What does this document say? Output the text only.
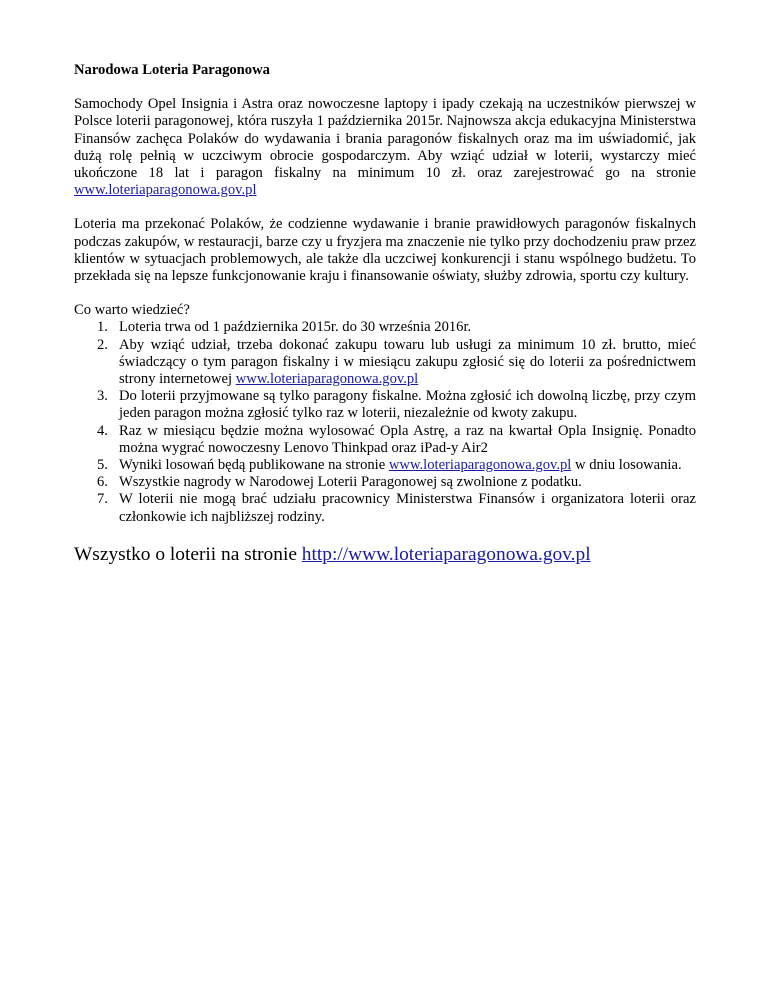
Narodowa Loteria Paragonowa

Samochody Opel Insignia i Astra oraz nowoczesne laptopy i ipady czekają na uczestników pierwszej w Polsce loterii paragonowej, która ruszyła 1 października 2015r. Najnowsza akcja edukacyjna Ministerstwa Finansów zachęca Polaków do wydawania i brania paragonów fiskalnych oraz ma im uświadomić, jak dużą rolę pełnią w uczciwym obrocie gospodarczym. Aby wziąć udział w loterii, wystarczy mieć ukończone 18 lat i paragon fiskalny na minimum 10 zł. oraz zarejestrować go na stronie www.loteriaparagonowa.gov.pl

Loteria ma przekonać Polaków, że codzienne wydawanie i branie prawidłowych paragonów fiskalnych podczas zakupów, w restauracji, barze czy u fryzjera ma znaczenie nie tylko przy dochodzeniu praw przez klientów w sytuacjach problemowych, ale także dla uczciwej konkurencji i stanu wspólnego budżetu. To przekłada się na lepsze funkcjonowanie kraju i finansowanie oświaty, służby zdrowia, sportu czy kultury.

Co warto wiedzieć?

1. Loteria trwa od 1 października 2015r. do 30 września 2016r.
2. Aby wziąć udział, trzeba dokonać zakupu towaru lub usługi za minimum 10 zł. brutto, mieć świadczący o tym paragon fiskalny i w miesiącu zakupu zgłosić się do loterii za pośrednictwem strony internetowej www.loteriaparagonowa.gov.pl
3. Do loterii przyjmowane są tylko paragony fiskalne. Można zgłosić ich dowolną liczbę, przy czym jeden paragon można zgłosić tylko raz w loterii, niezależnie od kwoty zakupu.
4. Raz w miesiącu będzie można wylosować Opla Astrę, a raz na kwartał Opla Insignię. Ponadto można wygrać nowoczesny Lenovo Thinkpad oraz iPad-y Air2
5. Wyniki losowań będą publikowane na stronie www.loteriaparagonowa.gov.pl w dniu losowania.
6. Wszystkie nagrody w Narodowej Loterii Paragonowej są zwolnione z podatku.
7. W loterii nie mogą brać udziału pracownicy Ministerstwa Finansów i organizatora loterii oraz członkowie ich najbliższej rodziny.

Wszystko o loterii na stronie http://www.loteriaparagonowa.gov.pl
